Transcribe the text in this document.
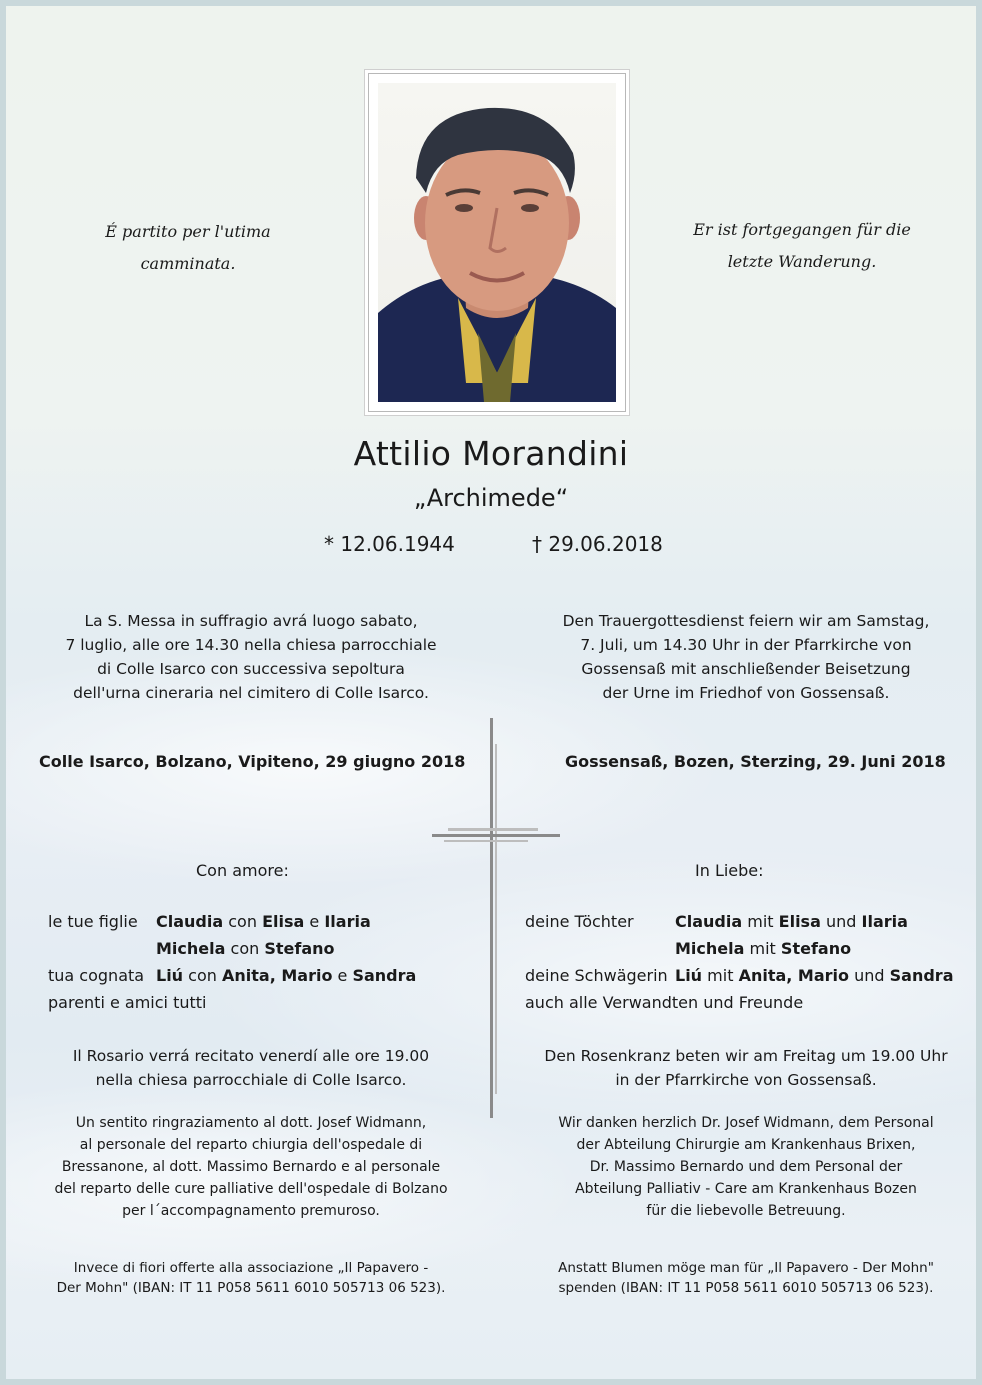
É partito per l'utima
camminata.
Er ist fortgegangen für die
letzte Wanderung.
Attilio Morandini
„Archimede“
* 12.06.1944	† 29.06.2018
La S. Messa in suffragio avrá luogo sabato,
7 luglio, alle ore 14.30 nella chiesa parrocchiale
di Colle Isarco con successiva sepoltura
dell'urna cineraria nel cimitero di Colle Isarco.
Den Trauergottesdienst feiern wir am Samstag,
7. Juli, um 14.30 Uhr in der Pfarrkirche von
Gossensaß mit anschließender Beisetzung
der Urne im Friedhof von Gossensaß.
Colle Isarco, Bolzano, Vipiteno, 29 giugno 2018	Gossensaß, Bozen, Sterzing, 29. Juni 2018
Con amore:	In Liebe:
le tue figlie Claudia con Elisa e Ilaria
Michela con Stefano
tua cognata Liú con Anita, Mario e Sandra
parenti e amici tutti
deine Töchter	Claudia mit Elisa und Ilaria
Michela mit Stefano
deine Schwägerin Liú mit Anita, Mario und Sandra
auch alle Verwandten und Freunde
Il Rosario verrá recitato venerdí alle ore 19.00
nella chiesa parrocchiale di Colle Isarco.
Den Rosenkranz beten wir am Freitag um 19.00 Uhr
in der Pfarrkirche von Gossensaß.
Un sentito ringraziamento al dott. Josef Widmann,
al personale del reparto chiurgia dell'ospedale di
Bressanone, al dott. Massimo Bernardo e al personale
del reparto delle cure palliative dell'ospedale di Bolzano
per l´accompagnamento premuroso.
Wir danken herzlich Dr. Josef Widmann, dem Personal
der Abteilung Chirurgie am Krankenhaus Brixen,
Dr. Massimo Bernardo und dem Personal der
Abteilung Palliativ - Care am Krankenhaus Bozen
für die liebevolle Betreuung.
Invece di fiori offerte alla associazione „Il Papavero -
Der Mohn" (IBAN: IT 11 P058 5611 6010 505713 06 523).
Anstatt Blumen möge man für „Il Papavero - Der Mohn"
spenden (IBAN: IT 11 P058 5611 6010 505713 06 523).
